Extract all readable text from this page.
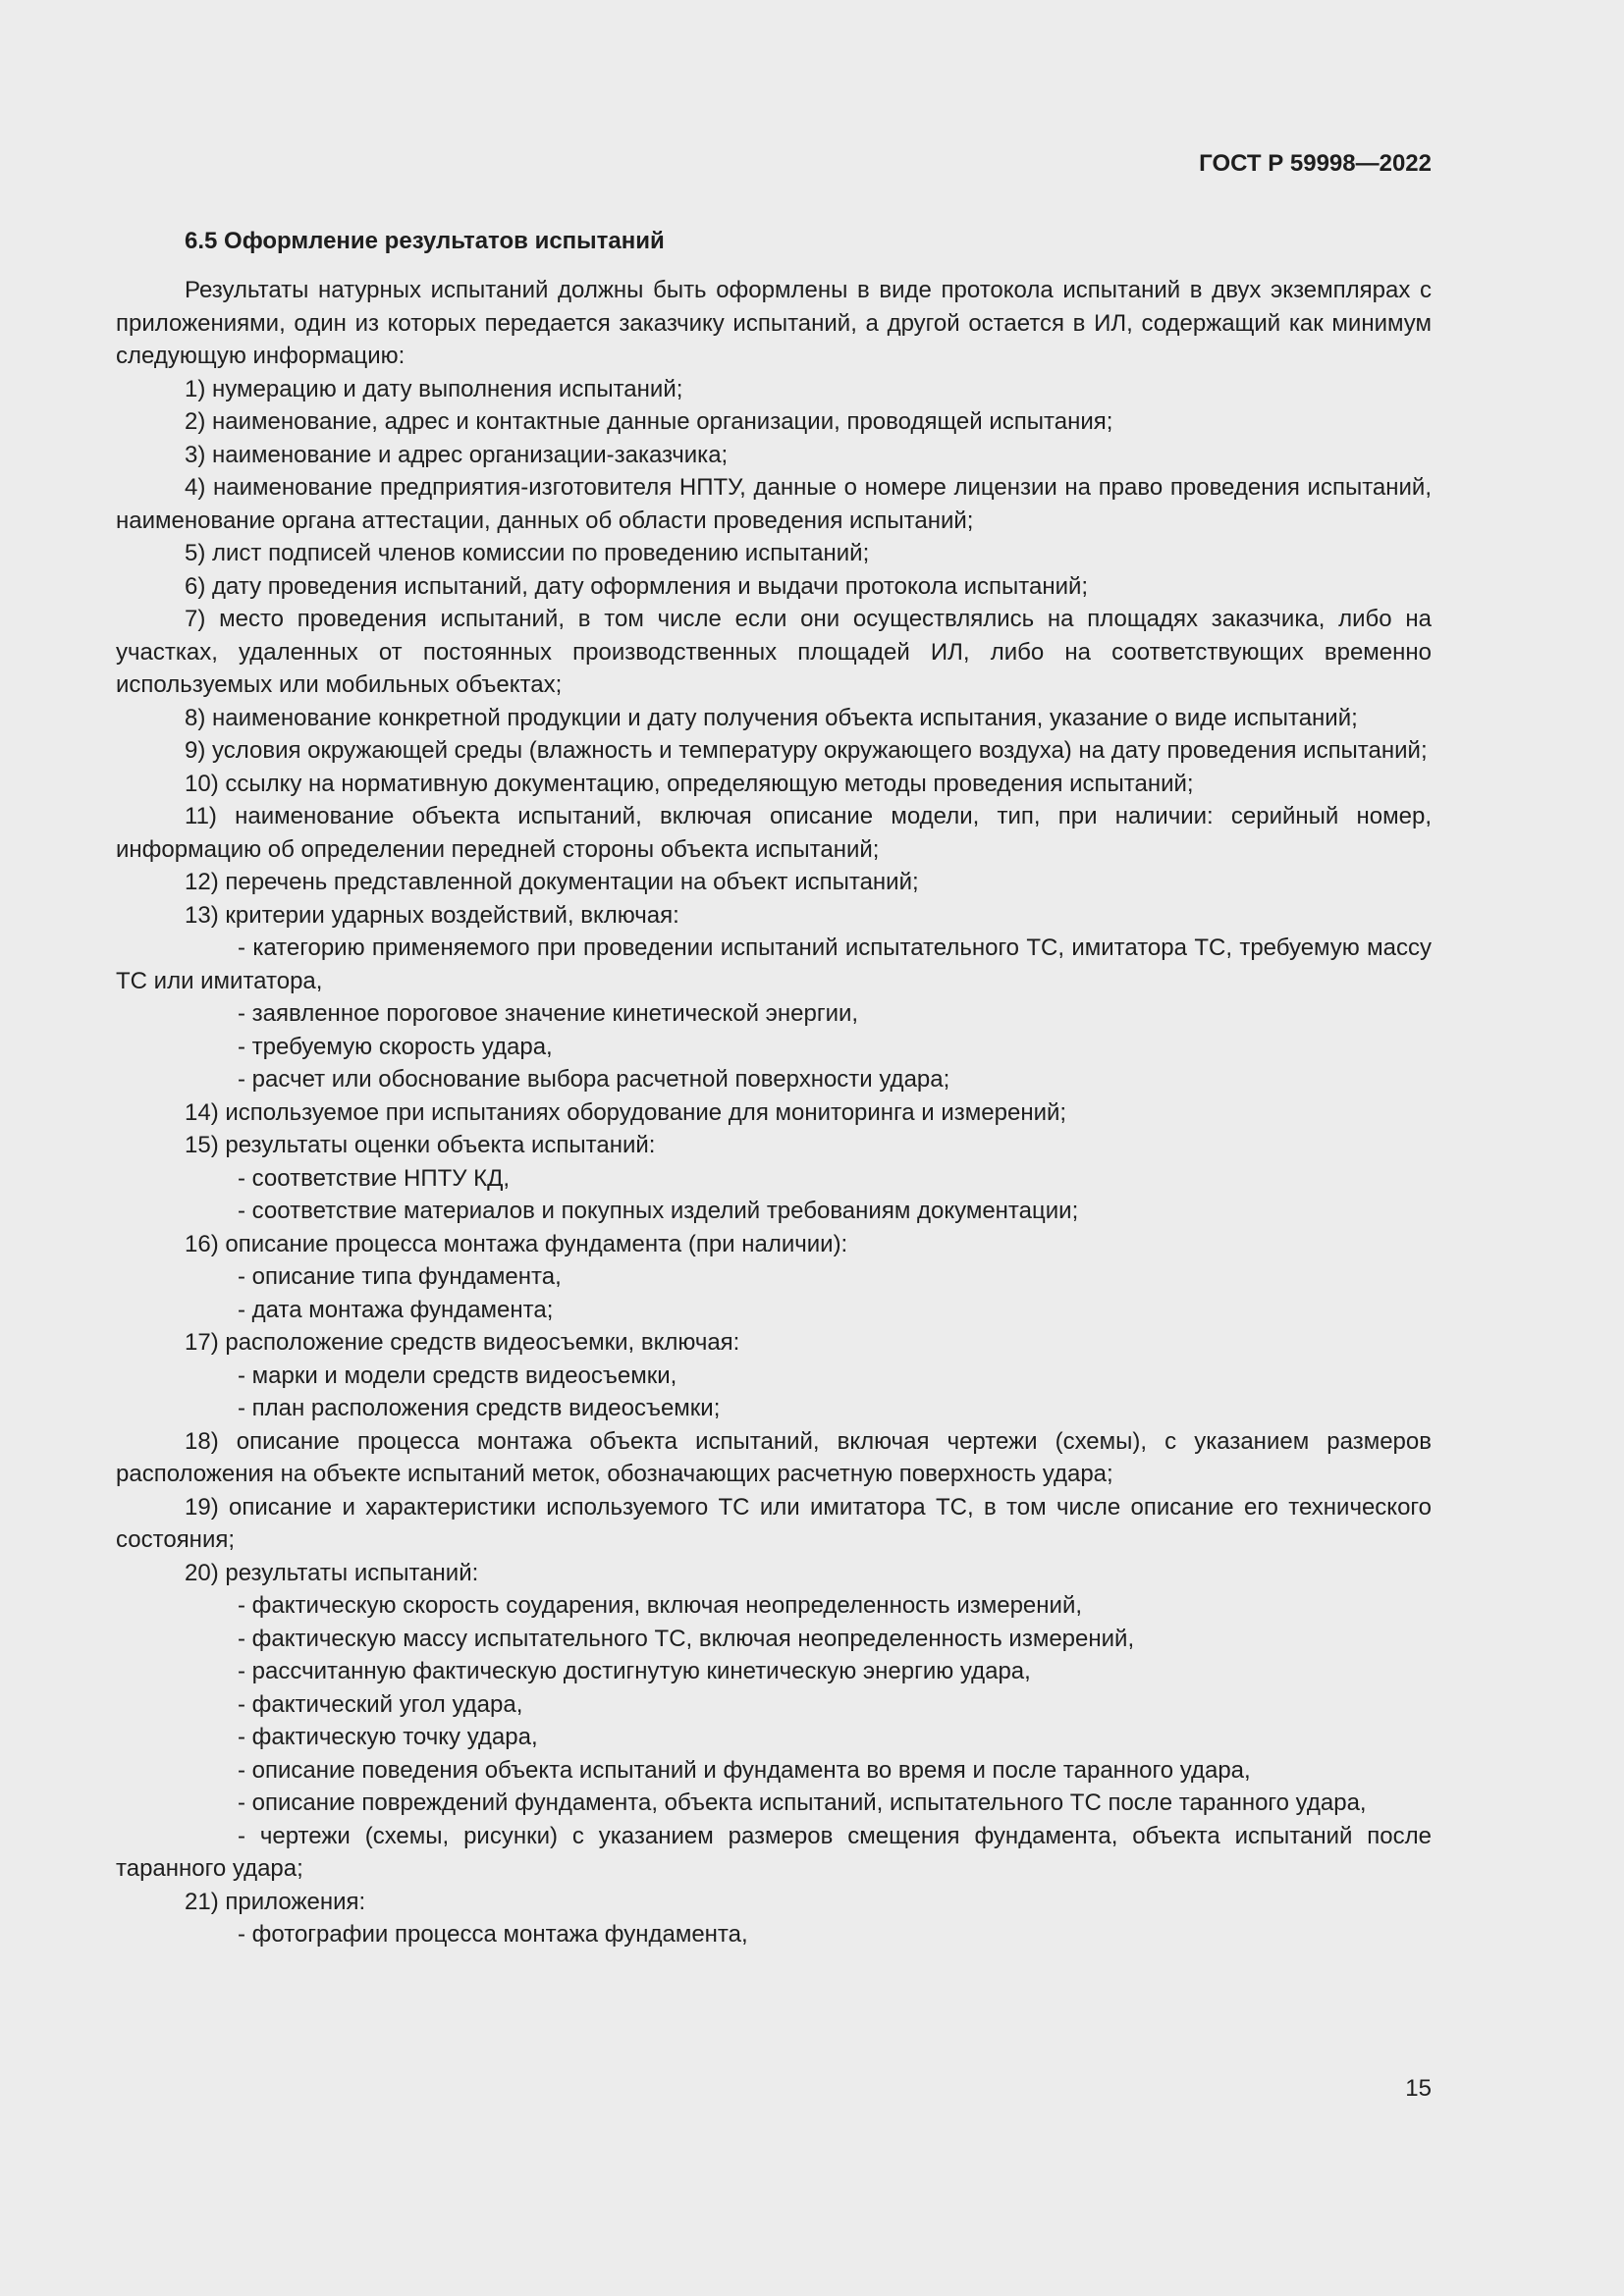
ГОСТ Р 59998—2022
6.5 Оформление результатов испытаний

Результаты натурных испытаний должны быть оформлены в виде протокола испытаний в двух экземплярах с приложениями, один из которых передается заказчику испытаний, а другой остается в ИЛ, содержащий как минимум следующую информацию:

1) нумерацию и дату выполнения испытаний;

2) наименование, адрес и контактные данные организации, проводящей испытания;

3) наименование и адрес организации-заказчика;

4) наименование предприятия-изготовителя НПТУ, данные о номере лицензии на право проведения испытаний, наименование органа аттестации, данных об области проведения испытаний;

5) лист подписей членов комиссии по проведению испытаний;

6) дату проведения испытаний, дату оформления и выдачи протокола испытаний;

7) место проведения испытаний, в том числе если они осуществлялись на площадях заказчика, либо на участках, удаленных от постоянных производственных площадей ИЛ, либо на соответствующих временно используемых или мобильных объектах;

8) наименование конкретной продукции и дату получения объекта испытания, указание о виде испытаний;

9) условия окружающей среды (влажность и температуру окружающего воздуха) на дату проведения испытаний;

10) ссылку на нормативную документацию, определяющую методы проведения испытаний;

11) наименование объекта испытаний, включая описание модели, тип, при наличии: серийный номер, информацию об определении передней стороны объекта испытаний;

12) перечень представленной документации на объект испытаний;

13) критерии ударных воздействий, включая:

- категорию применяемого при проведении испытаний испытательного ТС, имитатора ТС, требуемую массу ТС или имитатора,

- заявленное пороговое значение кинетической энергии,

- требуемую скорость удара,

- расчет или обоснование выбора расчетной поверхности удара;

14) используемое при испытаниях оборудование для мониторинга и измерений;

15) результаты оценки объекта испытаний:

- соответствие НПТУ КД,

- соответствие материалов и покупных изделий требованиям документации;

16) описание процесса монтажа фундамента (при наличии):

- описание типа фундамента,

- дата монтажа фундамента;

17) расположение средств видеосъемки, включая:

- марки и модели средств видеосъемки,

- план расположения средств видеосъемки;

18) описание процесса монтажа объекта испытаний, включая чертежи (схемы), с указанием размеров расположения на объекте испытаний меток, обозначающих расчетную поверхность удара;

19) описание и характеристики используемого ТС или имитатора ТС, в том числе описание его технического состояния;

20) результаты испытаний:

- фактическую скорость соударения, включая неопределенность измерений,

- фактическую массу испытательного ТС, включая неопределенность измерений,

- рассчитанную фактическую достигнутую кинетическую энергию удара,

- фактический угол удара,

- фактическую точку удара,

- описание поведения объекта испытаний и фундамента во время и после таранного удара,

- описание повреждений фундамента, объекта испытаний, испытательного ТС после таранного удара,

- чертежи (схемы, рисунки) с указанием размеров смещения фундамента, объекта испытаний после таранного удара;

21) приложения:

- фотографии процесса монтажа фундамента,

15
